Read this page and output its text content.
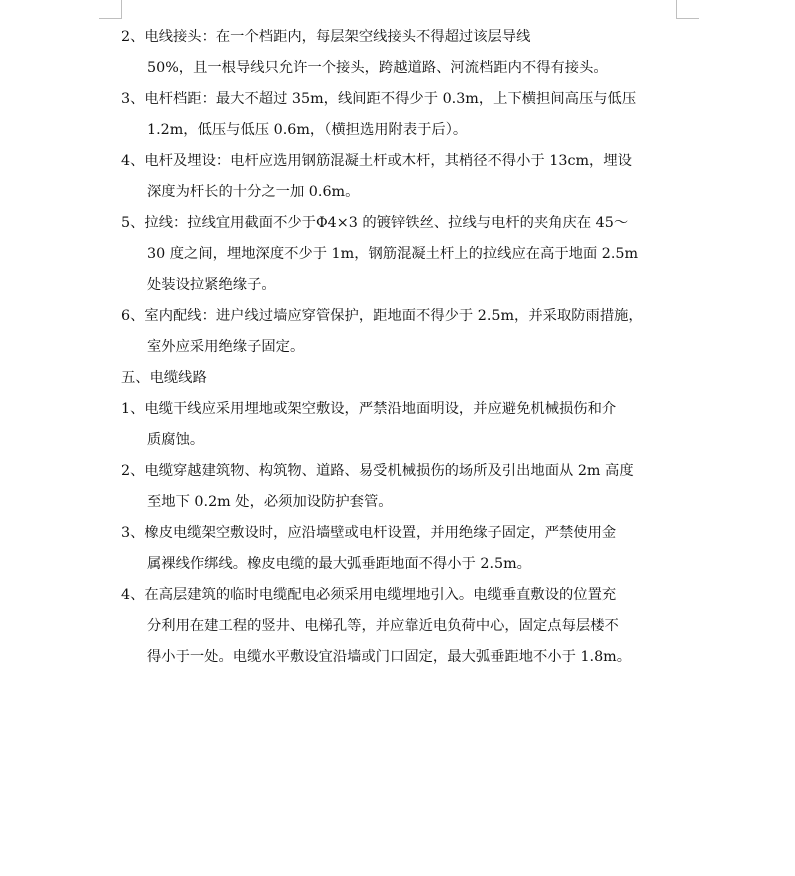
2、电线接头：在一个档距内，每层架空线接头不得超过该层导线
50%，且一根导线只允许一个接头，跨越道路、河流档距内不得有接头。
3、电杆档距：最大不超过 35m，线间距不得少于 0.3m，上下横担间高压与低压
1.2m，低压与低压 0.6m，（横担选用附表于后）。
4、电杆及埋设：电杆应选用钢筋混凝土杆或木杆，其梢径不得小于 13cm，埋设
深度为杆长的十分之一加 0.6m。
5、拉线：拉线宜用截面不少于Φ4×3 的镀锌铁丝、拉线与电杆的夹角庆在 45～
30 度之间，埋地深度不少于 1m，钢筋混凝土杆上的拉线应在高于地面 2.5m
处装设拉紧绝缘子。
6、室内配线：进户线过墙应穿管保护，距地面不得少于 2.5m，并采取防雨措施，
室外应采用绝缘子固定。
五、电缆线路
1、电缆干线应采用埋地或架空敷设，严禁沿地面明设，并应避免机械损伤和介
质腐蚀。
2、电缆穿越建筑物、构筑物、道路、易受机械损伤的场所及引出地面从 2m 高度
至地下 0.2m 处，必须加设防护套管。
3、橡皮电缆架空敷设时，应沿墙壁或电杆设置，并用绝缘子固定，严禁使用金
属裸线作绑线。橡皮电缆的最大弧垂距地面不得小于 2.5m。
4、在高层建筑的临时电缆配电必须采用电缆埋地引入。电缆垂直敷设的位置充
分利用在建工程的竖井、电梯孔等，并应靠近电负荷中心，固定点每层楼不
得小于一处。电缆水平敷设宜沿墙或门口固定，最大弧垂距地不小于 1.8m。
